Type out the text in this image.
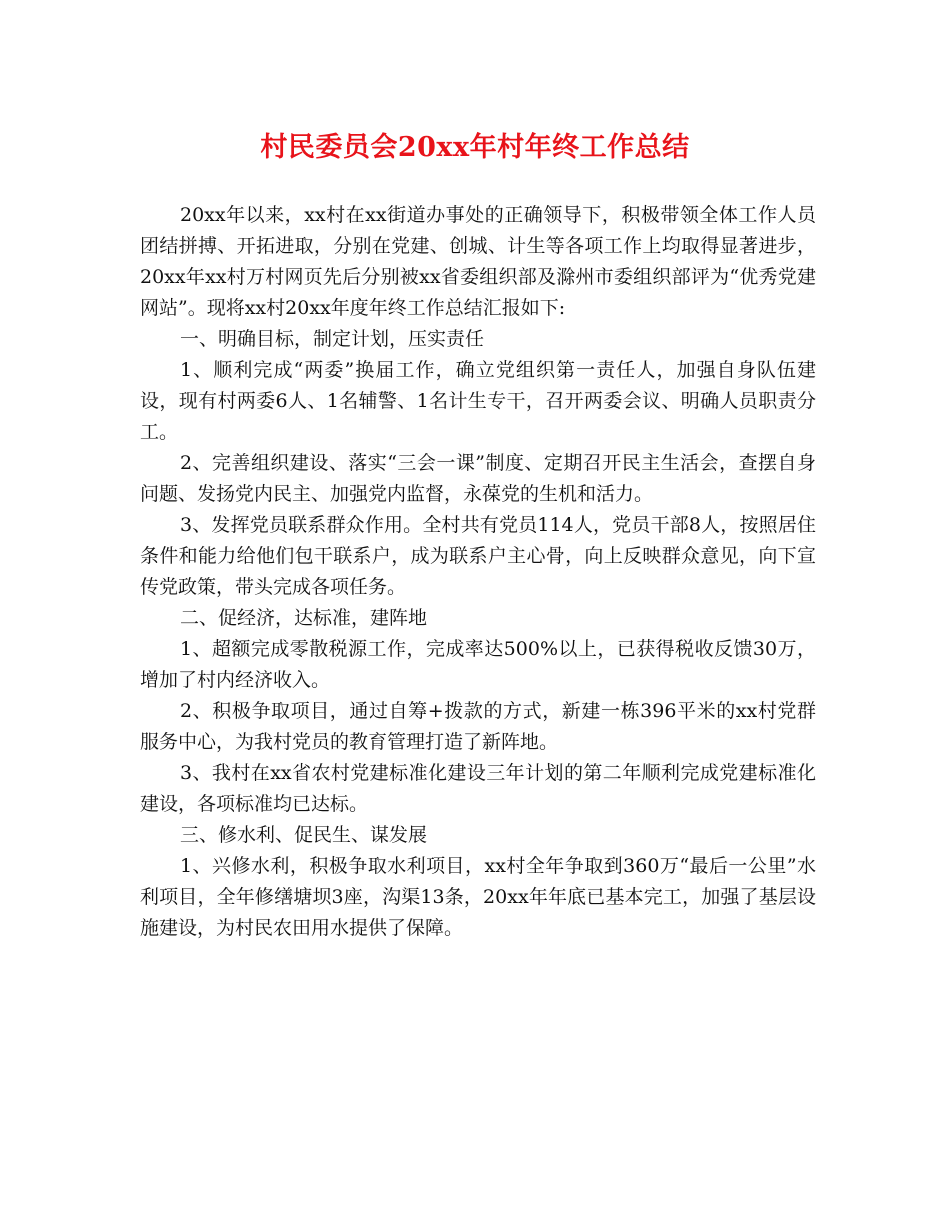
村民委员会20xx年村年终工作总结

20xx年以来，xx村在xx街道办事处的正确领导下，积极带领全体工作人员团结拼搏、开拓进取，分别在党建、创城、计生等各项工作上均取得显著进步，20xx年xx村万村网页先后分别被xx省委组织部及滁州市委组织部评为“优秀党建网站”。现将xx村20xx年度年终工作总结汇报如下:

一、明确目标，制定计划，压实责任

1、顺利完成“两委”换届工作，确立党组织第一责任人，加强自身队伍建设，现有村两委6人、1名辅警、1名计生专干，召开两委会议、明确人员职责分工。

2、完善组织建设、落实“三会一课”制度、定期召开民主生活会，查摆自身问题、发扬党内民主、加强党内监督，永葆党的生机和活力。

3、发挥党员联系群众作用。全村共有党员114人，党员干部8人，按照居住条件和能力给他们包干联系户，成为联系户主心骨，向上反映群众意见，向下宣传党政策，带头完成各项任务。

二、促经济，达标准，建阵地

1、超额完成零散税源工作，完成率达500%以上，已获得税收反馈30万，增加了村内经济收入。

2、积极争取项目，通过自筹+拨款的方式，新建一栋396平米的xx村党群服务中心，为我村党员的教育管理打造了新阵地。

3、我村在xx省农村党建标准化建设三年计划的第二年顺利完成党建标准化建设，各项标准均已达标。

三、修水利、促民生、谋发展

1、兴修水利，积极争取水利项目，xx村全年争取到360万“最后一公里”水利项目，全年修缮塘坝3座，沟渠13条，20xx年年底已基本完工，加强了基层设施建设，为村民农田用水提供了保障。
